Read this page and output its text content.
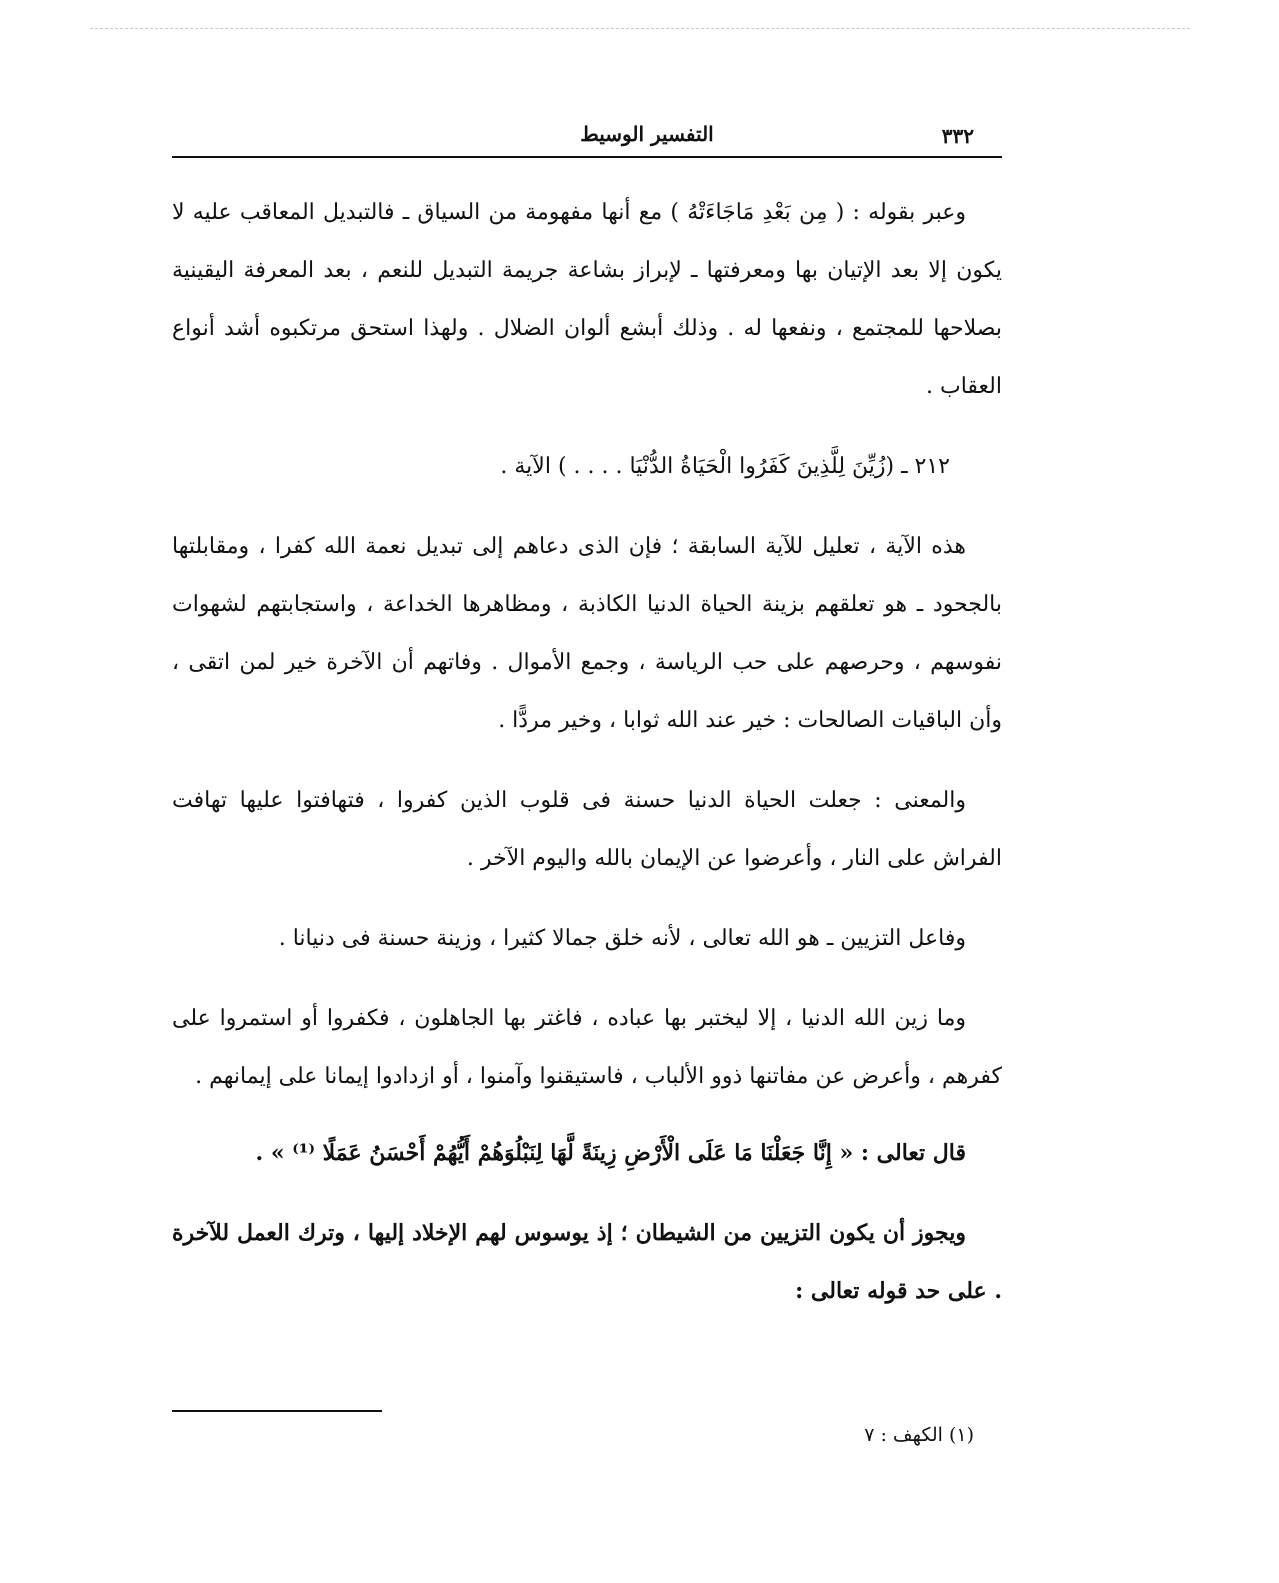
٣٣٢
التفسير الوسيط

وعبر بقوله : ( مِن بَعْدِ مَاجَاءَتْهُ ) مع أنها مفهومة من السياق ـ فالتبديل المعاقب عليه لا يكون إلا بعد الإتيان بها ومعرفتها ـ لإبراز بشاعة جريمة التبديل للنعم ، بعد المعرفة اليقينية بصلاحها للمجتمع ، ونفعها له . وذلك أبشع ألوان الضلال . ولهذا استحق مرتكبوه أشد أنواع العقاب .

٢١٢ ـ (زُيِّنَ لِلَّذِينَ كَفَرُوا الْحَيَاةُ الدُّنْيَا . . . . ) الآية .

هذه الآية ، تعليل للآية السابقة ؛ فإن الذى دعاهم إلى تبديل نعمة الله كفرا ، ومقابلتها بالجحود ـ هو تعلقهم بزينة الحياة الدنيا الكاذبة ، ومظاهرها الخداعة ، واستجابتهم لشهوات نفوسهم ، وحرصهم على حب الرياسة ، وجمع الأموال . وفاتهم أن الآخرة خير لمن اتقى ، وأن الباقيات الصالحات : خير عند الله ثوابا ، وخير مردًّا .

والمعنى : جعلت الحياة الدنيا حسنة فى قلوب الذين كفروا ، فتهافتوا عليها تهافت الفراش على النار ، وأعرضوا عن الإيمان بالله واليوم الآخر .

وفاعل التزيين ـ هو الله تعالى ، لأنه خلق جمالا كثيرا ، وزينة حسنة فى دنيانا .

وما زين الله الدنيا ، إلا ليختبر بها عباده ، فاغتر بها الجاهلون ، فكفروا أو استمروا على كفرهم ، وأعرض عن مفاتنها ذوو الألباب ، فاستيقنوا وآمنوا ، أو ازدادوا إيمانا على إيمانهم .

قال تعالى : « إِنَّا جَعَلْنَا مَا عَلَى الْأَرْضِ زِينَةً لَّهَا لِنَبْلُوَهُمْ أَيُّهُمْ أَحْسَنُ عَمَلًا ⁽¹⁾ » .

ويجوز أن يكون التزيين من الشيطان ؛ إذ يوسوس لهم الإخلاد إليها ، وترك العمل للآخرة . على حد قوله تعالى :

(١) الكهف : ٧
